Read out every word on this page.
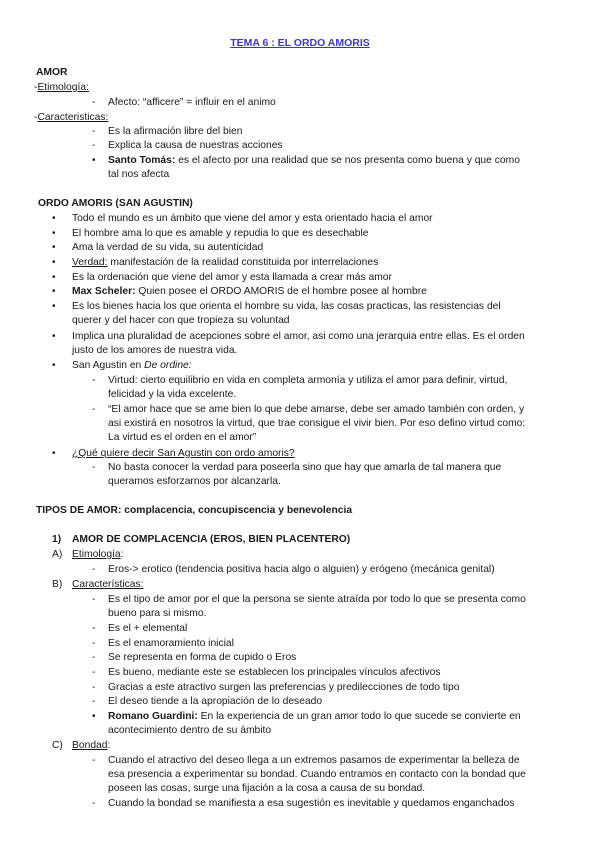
TEMA 6 : EL ORDO AMORIS
AMOR
-Etimología:
- Afecto: “afficere” = influir en el animo
-Caracteristicas:
- Es la afirmación libre del bien
- Explica la causa de nuestras acciones
• Santo Tomás: es el afecto por una realidad que se nos presenta como buena y que como
tal nos afecta
ORDO AMORIS (SAN AGUSTIN)
• Todo el mundo es un ámbito que viene del amor y esta orientado hacia el amor
• El hombre ama lo que es amable y repudia lo que es desechable
• Ama la verdad de su vida, su autenticidad
• Verdad: manifestación de la realidad constituida por interrelaciones
• Es la ordenación que viene del amor y esta llamada a crear más amor
• Max Scheler: Quien posee el ORDO AMORIS de el hombre posee al hombre
• Es los bienes hacia los que orienta el hombre su vida, las cosas practicas, las resistencias del
querer y del hacer con que tropieza su voluntad
• Implica una pluralidad de acepciones sobre el amor, asi como una jerarquia entre ellas. Es el orden
justo de los amores de nuestra vida.
• San Agustin en De ordine:
- Virtud: cierto equilibrio en vida en completa armonía y utiliza el amor para definir, virtud,
felicidad y la vida excelente.
- “El amor hace que se ame bien lo que debe amarse, debe ser amado también con orden, y
asi existirá en nosotros la virtud, que trae consigue el vivir bien. Por eso defino virtud como:
La virtud es el orden en el amor”
• ¿Qué quiere decir San Agustin con ordo amoris?
- No basta conocer la verdad para poseerla sino que hay que amarla de tal manera que
queramos esforzarnos por alcanzarla.
TIPOS DE AMOR: complacencia, concupiscencia y benevolencia
1) AMOR DE COMPLACENCIA (EROS, BIEN PLACENTERO)
A) Etimología:
- Eros-> erotico (tendencia positiva hacia algo o alguien) y erógeno (mecánica genital)
B) Características:
- Es el tipo de amor por el que la persona se siente atraída por todo lo que se presenta como
bueno para si mismo.
- Es el + elemental
- Es el enamoramiento inicial
- Se representa en forma de cupido o Eros
- Es bueno, mediante este se establecen los principales vínculos afectivos
- Gracias a este atractivo surgen las preferencias y predilecciones de todo tipo
- El deseo tiende a la apropiación de lo deseado
• Romano Guardini: En la experiencia de un gran amor todo lo que sucede se convierte en
acontecimiento dentro de su ámbito
C) Bondad:
- Cuando el atractivo del deseo llega a un extremos pasamos de experimentar la belleza de
esa presencia a experimentar su bondad. Cuando entramos en contacto con la bondad que
poseen las cosas, surge una fijación a la cosa a causa de su bondad.
- Cuando la bondad se manifiesta a esa sugestión es inevitable y quedamos enganchados
